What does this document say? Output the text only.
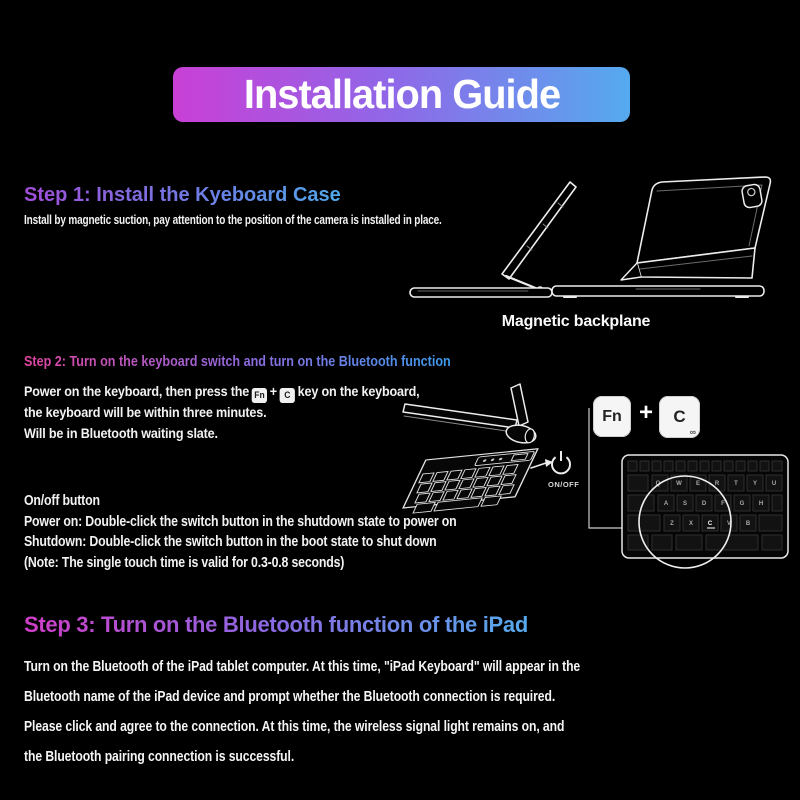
Installation Guide
Step 1: Install the Kyeboard Case
Install by magnetic suction, pay attention to the position of the camera is installed in place.
Magnetic backplane
Step 2: Turn on the keyboard switch and turn on the Bluetooth function
Power on the keyboard, then press the Fn + C key on the keyboard,
the keyboard will be within three minutes.
Will be in Bluetooth waiting slate.
ON/OFF	Q	W E R T	Y U
A S D F G H
Z	X C V B
Fn +	C
∞
On/off button
Power on: Double-click the switch button in the shutdown state to power on
Shutdown: Double-click the switch button in the boot state to shut down
(Note: The single touch time is valid for 0.3-0.8 seconds)
Step 3: Turn on the Bluetooth function of the iPad
Turn on the Bluetooth of the iPad tablet computer. At this time, "iPad Keyboard" will appear in the
Bluetooth name of the iPad device and prompt whether the Bluetooth connection is required.
Please click and agree to the connection. At this time, the wireless signal light remains on, and
the Bluetooth pairing connection is successful.
